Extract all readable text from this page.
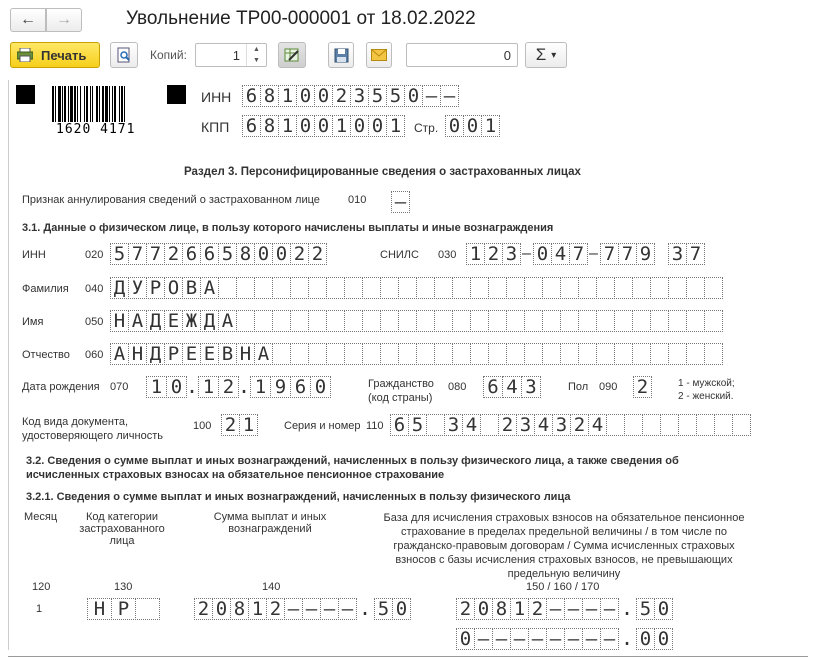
← →	Увольнение ТР00-000001 от 18.02.2022
Печать	Копий:	1	▲
▼	0 Σ ▾
1620 4171
ИНН 6 8 1 0 0 2 3 5 5 0 – –
КПП 6 8 1 0 0 1 0 0 1	Стр. 0 0 1
Раздел 3. Персонифицированные сведения о застрахованных лицах
Признак аннулирования сведений о застрахованном лице	010 –
3.1. Данные о физическом лице, в пользу которого начислены выплаты и иные вознаграждения
ИНН	020 5 7 7 2 6 6 5 8 0 0 2 2	СНИЛС 030 1 2 3 – 0 4 7 – 7 7 9 3 7
Фамилия 040 Д У Р О В А
Имя	050 Н А Д Е Ж Д А
Отчество 060 А Н Д Р Е Е В Н А
Дата рождения 070 1 0 . 1 2 . 1 9 6 0	Гражданство
(код страны)
080 6 4 3	Пол 090 2	1 - мужской;
2 - женский.
Код вида документа,
удостоверяющего личность
100 2 1	Серия и номер 110 6 5 3 4 2 3 4 3 2 4
3.2. Сведения о сумме выплат и иных вознаграждений, начисленных в пользу физического лица, а также сведения об
исчисленных страховых взносах на обязательное пенсионное страхование
3.2.1. Сведения о сумме выплат и иных вознаграждений, начисленных в пользу физического лица
Месяц	Код категории застрахованного лица
Сумма выплат и иных вознаграждений
База для исчисления страховых взносов на обязательное пенсионное страхование в пределах предельной величины / в том числе по гражданско-правовым договорам / Сумма исчисленных страховых взносов с базы исчисления страховых взносов, не превышающих предельную величину
120	130	140	150 / 160 / 170
1	Н Р	2 0 8 1 2 – – – – . 5 0	2 0 8 1 2 – – – – . 5 0
0 – – – – – – – – . 0 0
